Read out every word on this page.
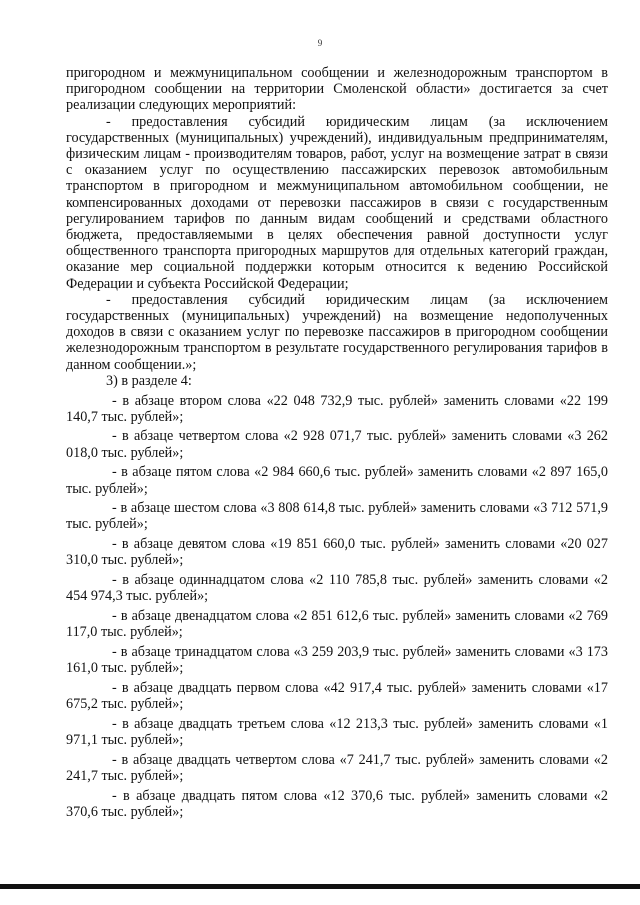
9

пригородном и межмуниципальном сообщении и железнодорожным транспортом в пригородном сообщении на территории Смоленской области» достигается за счет реализации следующих мероприятий:

- предоставления субсидий юридическим лицам (за исключением государственных (муниципальных) учреждений), индивидуальным предпринимателям, физическим лицам - производителям товаров, работ, услуг на возмещение затрат в связи с оказанием услуг по осуществлению пассажирских перевозок автомобильным транспортом в пригородном и межмуниципальном автомобильном сообщении, не компенсированных доходами от перевозки пассажиров в связи с государственным регулированием тарифов по данным видам сообщений и средствами областного бюджета, предоставляемыми в целях обеспечения равной доступности услуг общественного транспорта пригородных маршрутов для отдельных категорий граждан, оказание мер социальной поддержки которым относится к ведению Российской Федерации и субъекта Российской Федерации;

- предоставления субсидий юридическим лицам (за исключением государственных (муниципальных) учреждений) на возмещение недополученных доходов в связи с оказанием услуг по перевозке пассажиров в пригородном сообщении железнодорожным транспортом в результате государственного регулирования тарифов в данном сообщении.»;

3) в разделе 4:

- в абзаце втором слова «22 048 732,9 тыс. рублей» заменить словами «22 199 140,7 тыс. рублей»;

- в абзаце четвертом слова «2 928 071,7 тыс. рублей» заменить словами «3 262 018,0 тыс. рублей»;

- в абзаце пятом слова «2 984 660,6 тыс. рублей» заменить словами «2 897 165,0 тыс. рублей»;

- в абзаце шестом слова «3 808 614,8 тыс. рублей» заменить словами «3 712 571,9 тыс. рублей»;

- в абзаце девятом слова «19 851 660,0 тыс. рублей» заменить словами «20 027 310,0 тыс. рублей»;

- в абзаце одиннадцатом слова «2 110 785,8 тыс. рублей» заменить словами «2 454 974,3 тыс. рублей»;

- в абзаце двенадцатом слова «2 851 612,6 тыс. рублей» заменить словами «2 769 117,0 тыс. рублей»;

- в абзаце тринадцатом слова «3 259 203,9 тыс. рублей» заменить словами «3 173 161,0 тыс. рублей»;

- в абзаце двадцать первом слова «42 917,4 тыс. рублей» заменить словами «17 675,2 тыс. рублей»;

- в абзаце двадцать третьем слова «12 213,3 тыс. рублей» заменить словами «1 971,1 тыс. рублей»;

- в абзаце двадцать четвертом слова «7 241,7 тыс. рублей» заменить словами «2 241,7 тыс. рублей»;

- в абзаце двадцать пятом слова «12 370,6 тыс. рублей» заменить словами «2 370,6 тыс. рублей»;
